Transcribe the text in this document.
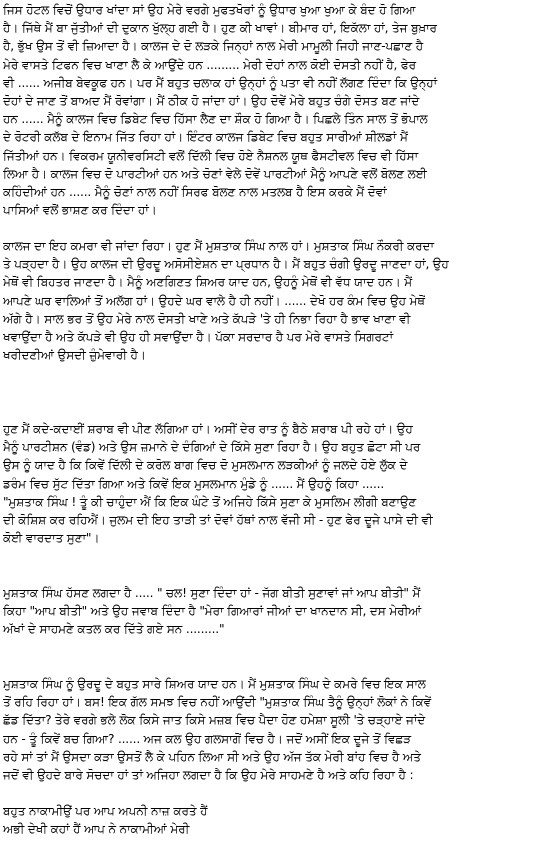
ਜਿਸ ਹੋਟਲ ਵਿਚੋਂ ਉਧਾਰ ਖਾਂਦਾ ਸਾਂ ਉਹ ਮੇਰੇ ਵਰਗੇ ਮੁਫਤਖੋਰਾਂ ਨੂੰ ਉਧਾਰ ਖੁਆ ਖੁਆ ਕੇ ਬੰਦ ਹੋ ਗਿਆ
ਹੈ। ਜਿੱਥੇ ਮੈਂ ਬਾ ਜੁੱਤੀਆਂ ਦੀ ਦੁਕਾਨ ਖੁੱਲ੍ਹ ਗਈ ਹੈ। ਹੁਣ ਕੀ ਖਾਵਾਂ। ਬੀਮਾਰ ਹਾਂ, ਇਕੱਲਾ ਹਾਂ, ਤੇਜ ਬੁਖ਼ਾਰ
ਹੈ, ਭੁੱਖ ਉਸ ਤੋਂ ਵੀ ਜ਼ਿਆਦਾ ਹੈ। ਕਾਲਜ ਦੇ ਦੋ ਲੜਕੇ ਜਿਨ੍ਹਾਂ ਨਾਲ ਮੇਰੀ ਮਾਮੂਲੀ ਜਿਹੀ ਜਾਣ-ਪਛਾਣ ਹੈ
ਮੇਰੇ ਵਾਸਤੇ ਟਿਫਨ ਵਿਚ ਖਾਣਾ ਲੈ ਕੇ ਆਉਂਦੇ ਹਨ ......... ਮੇਰੀ ਦੋਹਾਂ ਨਾਲ ਕੋਈ ਦੋਸਤੀ ਨਹੀਂ ਹੈ, ਫੇਰ
ਵੀ ...... ਅਜੀਬ ਬੇਵਕੂਫ ਹਨ। ਪਰ ਮੈਂ ਬਹੁਤ ਚਲਾਕ ਹਾਂ ਉਨ੍ਹਾਂ ਨੂੰ ਪਤਾ ਵੀ ਨਹੀਂ ਲੱਗਣ ਦਿੰਦਾ ਕਿ ਉਨ੍ਹਾਂ
ਦੋਹਾਂ ਦੇ ਜਾਣ ਤੋਂ ਬਾਅਦ ਮੈਂ ਰੋਵਾਂਗਾ। ਮੈਂ ਠੀਕ ਹੋ ਜਾਂਦਾ ਹਾਂ। ਉਹ ਦੋਵੇਂ ਮੇਰੇ ਬਹੁਤ ਚੰਗੇ ਦੋਸਤ ਬਣ ਜਾਂਦੇ
ਹਨ ...... ਮੈਨੂੰ ਕਾਲਜ ਵਿਚ ਡਿਬੇਟ ਵਿਚ ਹਿੱਸਾ ਲੈਣ ਦਾ ਸ਼ੌਕ ਹੋ ਗਿਆ ਹੈ। ਪਿਛਲੇ ਤਿੰਨ ਸਾਲ ਤੋਂ ਭੋਪਾਲ
ਦੇ ਰੋਟਰੀ ਕਲੱਬ ਦੇ ਇਨਾਮ ਜਿੱਤ ਰਿਹਾ ਹਾਂ। ਇੰਟਰ ਕਾਲਜ ਡਿਬੇਟ ਵਿਚ ਬਹੁਤ ਸਾਰੀਆਂ ਸ਼ੀਲਡਾਂ ਮੈਂ
ਜਿੱਤੀਆਂ ਹਨ। ਵਿਕਰਮ ਯੂਨੀਵਰਸਿਟੀ ਵਲੋਂ ਦਿੱਲੀ ਵਿਚ ਹੋਏ ਨੈਸ਼ਨਲ ਯੂਥ ਫੈਸਟੀਵਲ ਵਿਚ ਵੀ ਹਿੱਸਾ
ਲਿਆ ਹੈ। ਕਾਲਜ ਵਿਚ ਦੋ ਪਾਰਟੀਆਂ ਹਨ ਅਤੇ ਚੋਣਾਂ ਵੇਲੇ ਦੋਵੇਂ ਪਾਰਟੀਆਂ ਮੈਨੂੰ ਆਪਣੇ ਵਲੋਂ ਬੋਲਣ ਲਈ
ਕਹਿੰਦੀਆਂ ਹਨ ...... ਮੈਨੂੰ ਚੋਣਾਂ ਨਾਲ ਨਹੀਂ ਸਿਰਫ ਬੋਲਣ ਨਾਲ ਮਤਲਬ ਹੈ ਇਸ ਕਰਕੇ ਮੈਂ ਦੋਵਾਂ
ਪਾਸਿਆਂ ਵਲੋਂ ਭਾਸ਼ਣ ਕਰ ਦਿੰਦਾ ਹਾਂ।
ਕਾਲਜ ਦਾ ਇਹ ਕਮਰਾ ਵੀ ਜਾਂਦਾ ਰਿਹਾ। ਹੁਣ ਮੈਂ ਮੁਸ਼ਤਾਕ ਸਿੰਘ ਨਾਲ ਹਾਂ। ਮੁਸ਼ਤਾਕ ਸਿੰਘ ਨੌਕਰੀ ਕਰਦਾ
ਤੇ ਪੜ੍ਹਦਾ ਹੈ। ਉਹ ਕਾਲਜ ਦੀ ਉਰਦੂ ਅਸੋਸੀਏਸ਼ਨ ਦਾ ਪ੍ਰਧਾਨ ਹੈ। ਮੈਂ ਬਹੁਤ ਚੰਗੀ ਉਰਦੂ ਜਾਣਦਾ ਹਾਂ, ਉਹ
ਮੇਥੋਂ ਵੀ ਬਿਹਤਰ ਜਾਣਦਾ ਹੈ। ਮੈਨੂੰ ਅਣਗਿਣਤ ਸ਼ਿਅਰ ਯਾਦ ਹਨ, ਉਹਨੂੰ ਮੇਥੋਂ ਵੀ ਵੱਧ ਯਾਦ ਹਨ। ਮੈਂ
ਆਪਣੇ ਘਰ ਵਾਲਿਆਂ ਤੋਂ ਅਲੱਗ ਹਾਂ। ਉਹਦੇ ਘਰ ਵਾਲੇ ਹੈ ਹੀ ਨਹੀਂ। ...... ਦੇਖੋ ਹਰ ਕੰਮ ਵਿਚ ਉਹ ਮੇਥੋਂ
ਅੱਗੇ ਹੈ। ਸਾਲ ਭਰ ਤੋਂ ਉਹ ਮੇਰੇ ਨਾਲ ਦੋਸਤੀ ਖਾਣੇ ਅਤੇ ਕੱਪੜੇ 'ਤੇ ਹੀ ਨਿਭਾ ਰਿਹਾ ਹੈ ਭਾਵ ਖਾਣਾ ਵੀ
ਖਵਾਉਂਦਾ ਹੈ ਅਤੇ ਕੱਪੜੇ ਵੀ ਉਹ ਹੀ ਸਵਾਉਂਦਾ ਹੈ। ਪੱਕਾ ਸਰਦਾਰ ਹੈ ਪਰ ਮੇਰੇ ਵਾਸਤੇ ਸਿਗਰਟਾਂ
ਖਰੀਦਣੀਆਂ ਉਸਦੀ ਜ਼ੁੰਮੇਵਾਰੀ ਹੈ।
ਹੁਣ ਮੈਂ ਕਦੇ-ਕਦਾਈਂ ਸ਼ਰਾਬ ਵੀ ਪੀਣ ਲੱਗਿਆ ਹਾਂ। ਅਸੀਂ ਦੇਰ ਰਾਤ ਨੂੰ ਬੈਠੇ ਸ਼ਰਾਬ ਪੀ ਰਹੇ ਹਾਂ। ਉਹ
ਮੈਨੂੰ ਪਾਰਟੀਸ਼ਨ (ਵੰਡ) ਅਤੇ ਉਸ ਜ਼ਮਾਨੇ ਦੇ ਦੰਗਿਆਂ ਦੇ ਕਿੱਸੇ ਸੁਣਾ ਰਿਹਾ ਹੈ। ਉਹ ਬਹੁਤ ਛੋਟਾ ਸੀ ਪਰ
ਉਸ ਨੂੰ ਯਾਦ ਹੈ ਕਿ ਕਿਵੇਂ ਦਿੱਲੀ ਦੇ ਕਰੋਲ ਬਾਗ ਵਿਚ ਦੋ ਮੁਸਲਮਾਨ ਲੜਕੀਆਂ ਨੂੰ ਜਲਦੇ ਹੋਏ ਲੁੱਕ ਦੇ
ਡਰੰਮ ਵਿਚ ਸੁੱਟ ਦਿੱਤਾ ਗਿਆ ਅਤੇ ਕਿਵੇਂ ਇਕ ਮੁਸਲਮਾਨ ਮੁੰਡੇ ਨੂੰ ...... ਮੈਂ ਉਹਨੂੰ ਕਿਹਾ ......
"ਮੁਸ਼ਤਾਕ ਸਿੰਘ ! ਤੂੰ ਕੀ ਚਾਹੁੰਦਾ ਐਂ ਕਿ ਇਕ ਘੰਟੇ ਤੋਂ ਅਜਿਹੇ ਕਿੱਸੇ ਸੁਣਾ ਕੇ ਮੁਸਲਿਮ ਲੀਗੀ ਬਣਾਉਣ
ਦੀ ਕੋਸ਼ਿਸ਼ ਕਰ ਰਹਿਐਂ। ਜੁਲਮ ਦੀ ਇਹ ਤਾੜੀ ਤਾਂ ਦੋਵਾਂ ਹੱਥਾਂ ਨਾਲ ਵੱਜੀ ਸੀ - ਹੁਣ ਫੇਰ ਦੂਜੇ ਪਾਸੇ ਦੀ ਵੀ
ਕੋਈ ਵਾਰਦਾਤ ਸੁਣਾ"।
ਮੁਸ਼ਤਾਕ ਸਿੰਘ ਹੱਸਣ ਲਗਦਾ ਹੈ ..... " ਚਲ! ਸੁਣਾ ਦਿੰਦਾ ਹਾਂ - ਜੱਗ ਬੀਤੀ ਸੁਣਾਵਾਂ ਜਾਂ ਆਪ ਬੀਤੀ" ਮੈਂ
ਕਿਹਾ "ਆਪ ਬੀਤੀ" ਅਤੇ ਉਹ ਜਵਾਬ ਦਿੰਦਾ ਹੈ "ਮੇਰਾ ਗਿਆਰਾਂ ਜੀਆਂ ਦਾ ਖਾਨਦਾਨ ਸੀ, ਦਸ ਮੇਰੀਆਂ
ਅੱਖਾਂ ਦੇ ਸਾਹਮਣੇ ਕਤਲ ਕਰ ਦਿੱਤੇ ਗਏ ਸਨ ........."
ਮੁਸ਼ਤਾਕ ਸਿੰਘ ਨੂੰ ਉਰਦੂ ਦੇ ਬਹੁਤ ਸਾਰੇ ਸ਼ਿਅਰ ਯਾਦ ਹਨ। ਮੈਂ ਮੁਸ਼ਤਾਕ ਸਿੰਘ ਦੇ ਕਮਰੇ ਵਿਚ ਇਕ ਸਾਲ
ਤੋਂ ਰਹਿ ਰਿਹਾ ਹਾਂ। ਬਸ! ਇਕ ਗੱਲ ਸਮਝ ਵਿਚ ਨਹੀਂ ਆਉਂਦੀ "ਮੁਸ਼ਤਾਕ ਸਿੰਘ ਤੈਨੂੰ ਉਨ੍ਹਾਂ ਲੋਕਾਂ ਨੇ ਕਿਵੇਂ
ਛੱਡ ਦਿੱਤਾ? ਤੇਰੇ ਵਰਗੇ ਭਲੇ ਲੋਕ ਕਿਸੇ ਜਾਤ ਕਿਸੇ ਮਜ਼ਬ ਵਿਚ ਪੈਦਾ ਹੋਣ ਹਮੇਸ਼ਾ ਸੂਲੀ 'ਤੇ ਚੜ੍ਹਾਏ ਜਾਂਦੇ
ਹਨ - ਤੂੰ ਕਿਵੇਂ ਬਚ ਗਿਆ? ...... ਅਜ ਕਲ ਉਹ ਗਲਸਾਗੋਂ ਵਿਚ ਹੈ। ਜਦੋਂ ਅਸੀਂ ਇਕ ਦੂਜੇ ਤੋਂ ਵਿਛੜ
ਰਹੇ ਸਾਂ ਤਾਂ ਮੈਂ ਉਸਦਾ ਕੜਾ ਉਸਤੋਂ ਲੈ ਕੇ ਪਹਿਨ ਲਿਆ ਸੀ ਅਤੇ ਉਹ ਅੱਜ ਤੱਕ ਮੇਰੀ ਬਾਂਹ ਵਿਚ ਹੈ ਅਤੇ
ਜਦੋਂ ਵੀ ਉਹਦੇ ਬਾਰੇ ਸੋਚਦਾ ਹਾਂ ਤਾਂ ਅਜਿਹਾ ਲਗਦਾ ਹੈ ਕਿ ਉਹ ਮੇਰੇ ਸਾਹਮਣੇ ਹੈ ਅਤੇ ਕਹਿ ਰਿਹਾ ਹੈ :
ਬਹੁਤ ਨਾਕਾਮੀਉਂ ਪਰ ਆਪ ਅਪਨੀ ਨਾਜ਼ ਕਰਤੇ ਹੈਂ
ਅਭੀ ਦੇਖੀ ਕਹਾਂ ਹੈਂ ਆਪ ਨੇ ਨਾਕਾਮੀਆਂ ਮੇਰੀ
